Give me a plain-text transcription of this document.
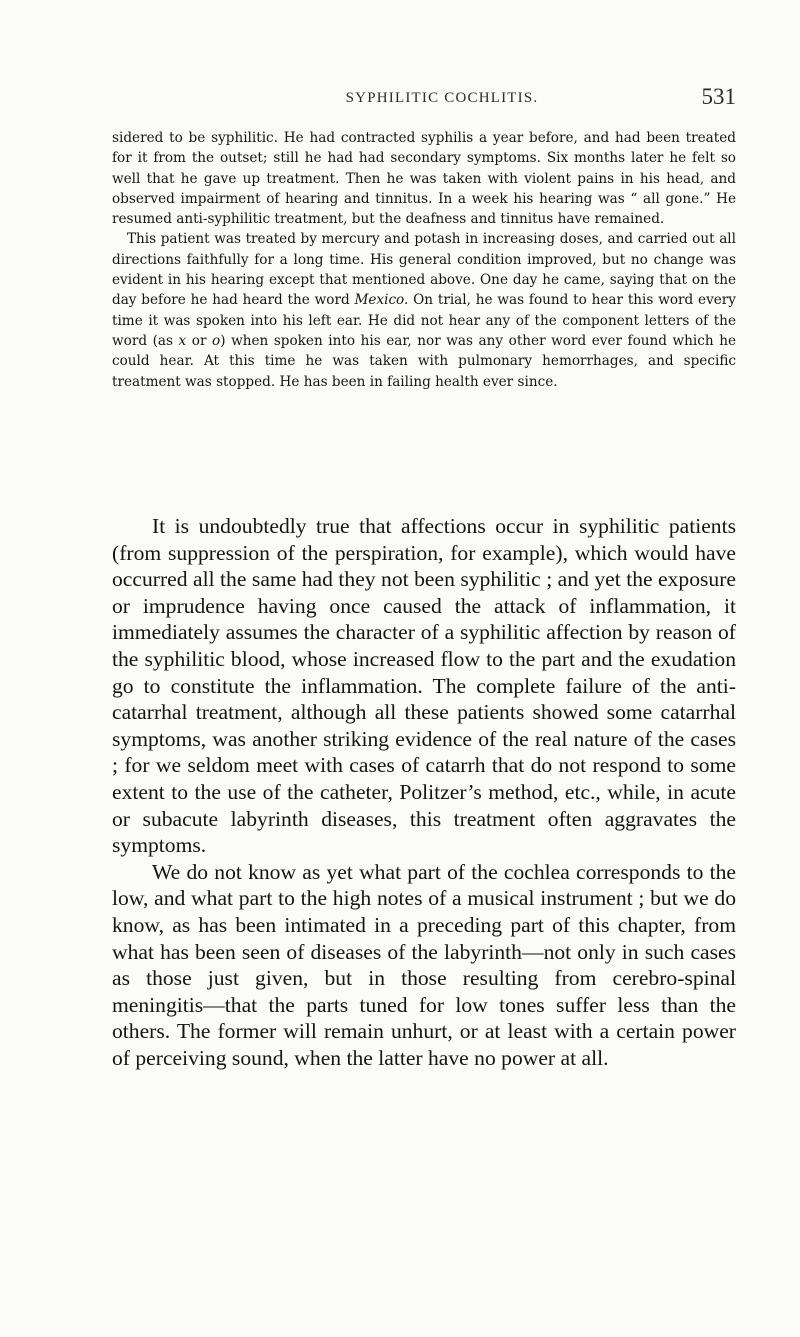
SYPHILITIC COCHLITIS.	531

sidered to be syphilitic. He had contracted syphilis a year before, and had been treated for it from the outset; still he had had secondary symptoms. Six months later he felt so well that he gave up treatment. Then he was taken with violent pains in his head, and observed impairment of hearing and tinnitus. In a week his hearing was “ all gone.” He resumed anti-syphilitic treatment, but the deafness and tinnitus have remained.

This patient was treated by mercury and potash in increasing doses, and carried out all directions faithfully for a long time. His general condition improved, but no change was evident in his hearing except that mentioned above. One day he came, saying that on the day before he had heard the word Mexico. On trial, he was found to hear this word every time it was spoken into his left ear. He did not hear any of the component letters of the word (as x or o) when spoken into his ear, nor was any other word ever found which he could hear. At this time he was taken with pulmonary hemorrhages, and specific treatment was stopped. He has been in failing health ever since.

It is undoubtedly true that affections occur in syphilitic patients (from suppression of the perspiration, for example), which would have occurred all the same had they not been syphilitic ; and yet the exposure or imprudence having once caused the attack of inflammation, it immediately assumes the character of a syphilitic affection by reason of the syphilitic blood, whose increased flow to the part and the exudation go to constitute the inflammation. The complete failure of the anti-catarrhal treatment, although all these patients showed some catarrhal symptoms, was another striking evidence of the real nature of the cases ; for we seldom meet with cases of catarrh that do not respond to some extent to the use of the catheter, Politzer’s method, etc., while, in acute or subacute labyrinth diseases, this treatment often aggravates the symptoms.

We do not know as yet what part of the cochlea corresponds to the low, and what part to the high notes of a musical instrument ; but we do know, as has been intimated in a preceding part of this chapter, from what has been seen of diseases of the labyrinth—not only in such cases as those just given, but in those resulting from cerebro-spinal meningitis—that the parts tuned for low tones suffer less than the others. The former will remain unhurt, or at least with a certain power of perceiving sound, when the latter have no power at all.
